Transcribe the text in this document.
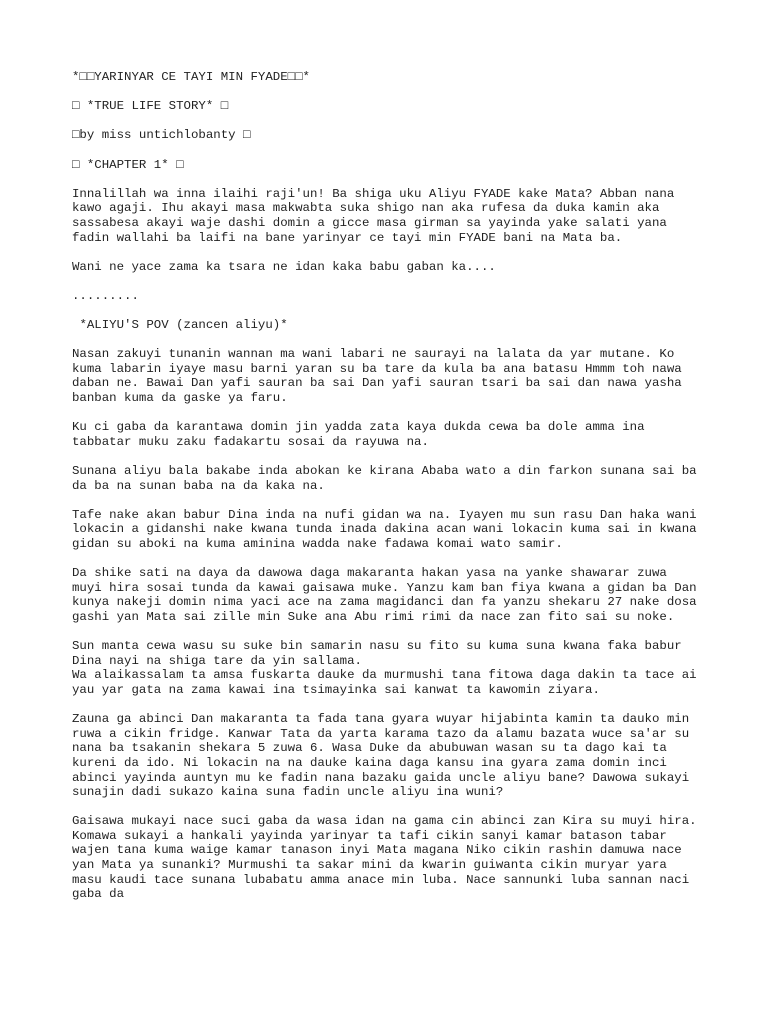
*□□YARINYAR CE TAYI MIN FYADE□□*

□ *TRUE LIFE STORY* □

□by miss untichlobanty □

□ *CHAPTER 1* □

Innalillah wa inna ilaihi raji'un! Ba shiga uku Aliyu FYADE kake Mata? Abban nana kawo agaji. Ihu akayi masa makwabta suka shigo nan aka rufesa da duka kamin aka sassabesa akayi waje dashi domin a gicce masa girman sa yayinda yake salati yana fadin wallahi ba laifi na bane yarinyar ce tayi min FYADE bani na Mata ba.

Wani ne yace zama ka tsara ne idan kaka babu gaban ka....

.........

*ALIYU'S POV (zancen aliyu)*

Nasan zakuyi tunanin wannan ma wani labari ne saurayi na lalata da yar mutane. Ko kuma labarin iyaye masu barni yaran su ba tare da kula ba ana batasu Hmmm toh nawa daban ne. Bawai Dan yafi sauran ba sai Dan yafi sauran tsari ba sai dan nawa yasha banban kuma da gaske ya faru.

Ku ci gaba da karantawa domin jin yadda zata kaya dukda cewa ba dole amma ina tabbatar muku zaku fadakartu sosai da rayuwa na.

Sunana aliyu bala bakabe inda abokan ke kirana Ababa wato a din farkon sunana sai ba da ba na sunan baba na da kaka na.

Tafe nake akan babur Dina inda na nufi gidan wa na. Iyayen mu sun rasu Dan haka wani lokacin a gidanshi nake kwana tunda inada dakina acan wani lokacin kuma sai in kwana gidan su aboki na kuma aminina wadda nake fadawa komai wato samir.

Da shike sati na daya da dawowa daga makaranta hakan yasa na yanke shawarar zuwa muyi hira sosai tunda da kawai gaisawa muke. Yanzu kam ban fiya kwana a gidan ba Dan kunya nakeji domin nima yaci ace na zama magidanci dan fa yanzu shekaru 27 nake dosa gashi yan Mata sai zille min Suke ana Abu rimi rimi da nace zan fito sai su noke.

Sun manta cewa wasu su suke bin samarin nasu su fito su kuma suna kwana faka babur Dina nayi na shiga tare da yin sallama.

Wa alaikassalam ta amsa fuskarta dauke da murmushi tana fitowa daga dakin ta tace ai yau yar gata na zama kawai ina tsimayinka sai kanwat ta kawomin ziyara.

Zauna ga abinci Dan makaranta ta fada tana gyara wuyar hijabinta kamin ta dauko min ruwa a cikin fridge. Kanwar Tata da yarta karama tazo da alamu bazata wuce sa'ar su nana ba tsakanin shekara 5 zuwa 6. Wasa Duke da abubuwan wasan su ta dago kai ta kureni da ido. Ni lokacin na na dauke kaina daga kansu ina gyara zama domin inci abinci yayinda auntyn mu ke fadin nana bazaku gaida uncle aliyu bane? Dawowa sukayi sunajin dadi sukazo kaina suna fadin uncle aliyu ina wuni?

Gaisawa mukayi nace suci gaba da wasa idan na gama cin abinci zan Kira su muyi hira. Komawa sukayi a hankali yayinda yarinyar ta tafi cikin sanyi kamar batason tabar wajen tana kuma waige kamar tanason inyi Mata magana Niko cikin rashin damuwa nace yan Mata ya sunanki? Murmushi ta sakar mini da kwarin guiwanta cikin muryar yara masu kaudi tace sunana lubabatu amma anace min luba. Nace sannunki luba sannan naci gaba da
